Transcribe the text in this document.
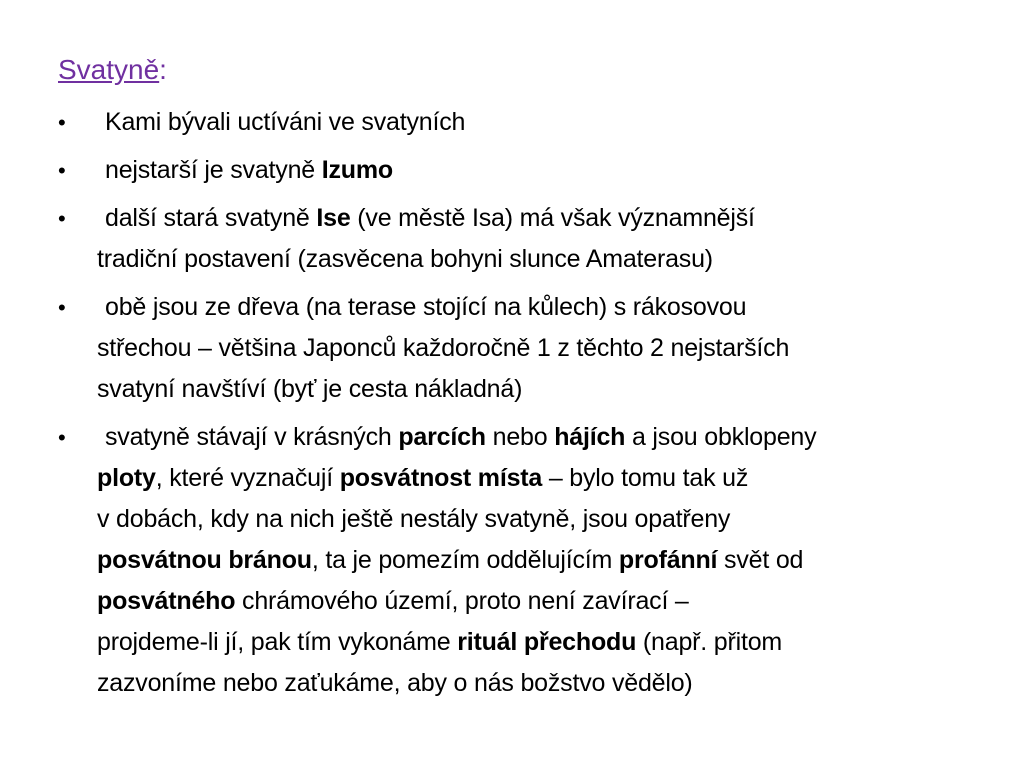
Svatyně:
•	Kami bývali uctíváni ve svatyních
•	nejstarší je svatyně Izumo
•	další stará svatyně Ise (ve městě Isa) má však významnější
tradiční postavení (zasvěcena bohyni slunce Amaterasu)
•	obě jsou ze dřeva (na terase stojící na kůlech) s rákosovou
střechou – většina Japonců každoročně 1 z těchto 2 nejstarších
svatyní navštíví (byť je cesta nákladná)
•	svatyně stávají v krásných parcích nebo hájích a jsou obklopeny
ploty, které vyznačují posvátnost místa – bylo tomu tak už
v dobách, kdy na nich ještě nestály svatyně, jsou opatřeny
posvátnou bránou, ta je pomezím oddělujícím profánní svět od
posvátného chrámového území, proto není zavírací –
projdeme-li jí, pak tím vykonáme rituál přechodu (např. přitom
zazvoníme nebo zaťukáme, aby o nás božstvo vědělo)
